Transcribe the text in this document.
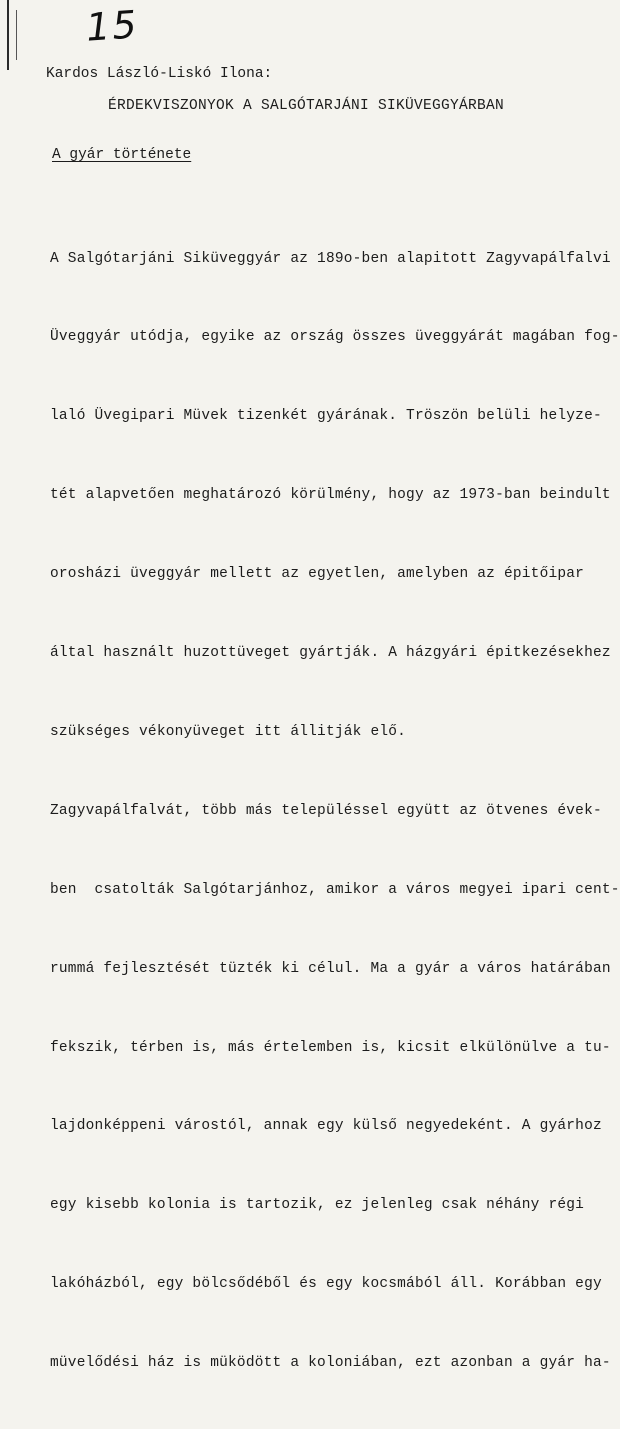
15
Kardos László-Liskó Ilona:
ÉRDEKVISZONYOK A SALGÓTARJÁNI SIKÜVEGGYÁRBAN
A gyár története

A Salgótarjáni Siküveggyár az 189o-ben alapitott Zagyvapálfalvi

Üveggyár utódja, egyike az ország összes üveggyárát magában fog-

laló Üvegipari Müvek tizenkét gyárának. Tröszön belüli helyze-

tét alapvetően meghatározó körülmény, hogy az 1973-ban beindult

orosházi üveggyár mellett az egyetlen, amelyben az épitőipar

által használt huzottüveget gyártják. A házgyári épitkezésekhez

szükséges vékonyüveget itt állitják elő.

Zagyvapálfalvát, több más településsel együtt az ötvenes évek-

ben  csatolták Salgótarjánhoz, amikor a város megyei ipari cent-

rummá fejlesztését tüzték ki célul. Ma a gyár a város határában

fekszik, térben is, más értelemben is, kicsit elkülönülve a tu-

lajdonképpeni várostól, annak egy külső negyedeként. A gyárhoz

egy kisebb kolonia is tartozik, ez jelenleg csak néhány régi

lakóházból, egy bölcsődéből és egy kocsmából áll. Korábban egy

müvelődési ház is müködött a koloniában, ezt azonban a gyár ha-
